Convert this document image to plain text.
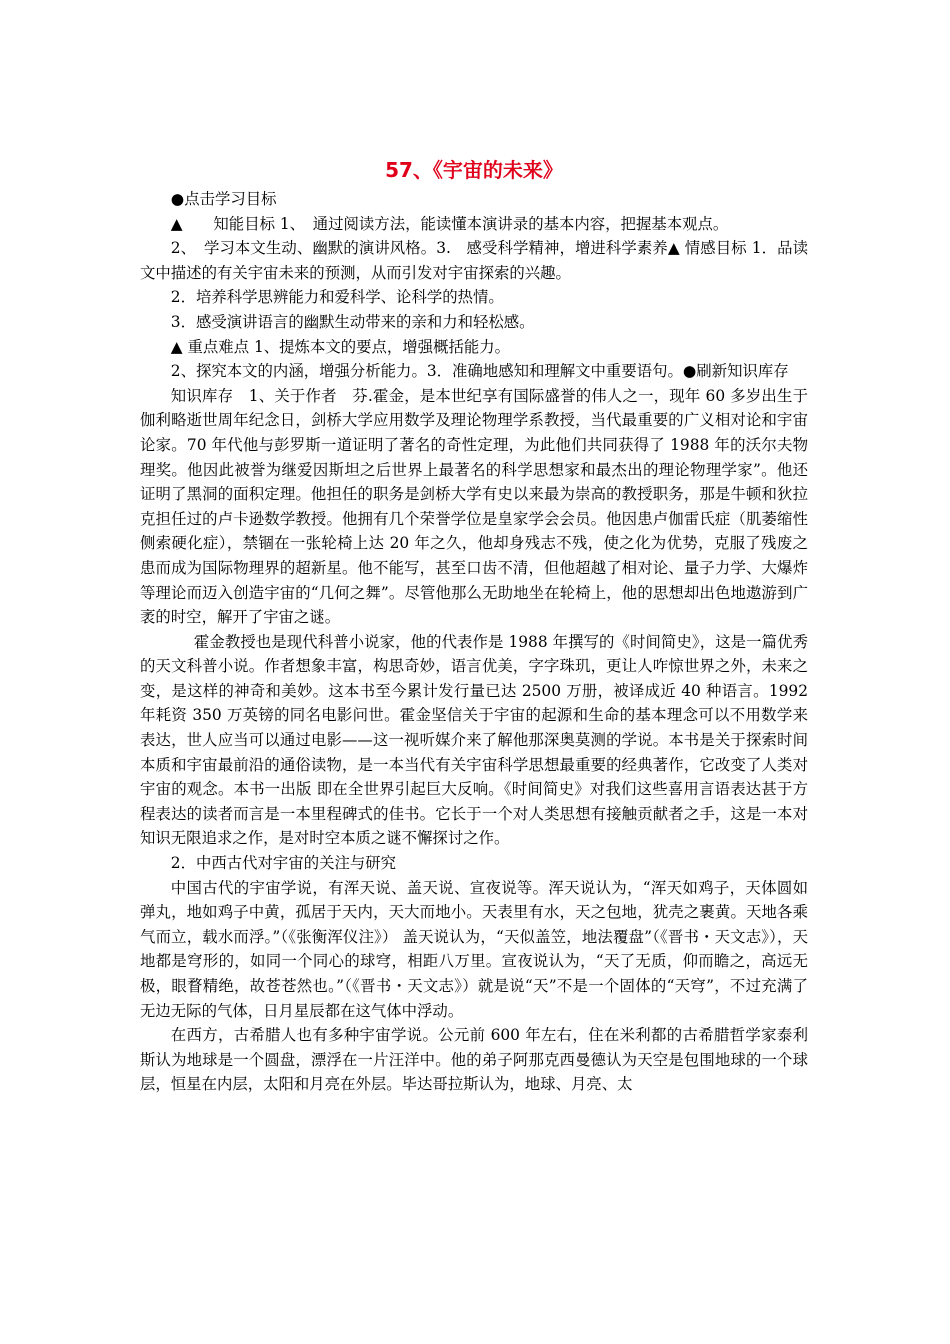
57、《宇宙的未来》

●点击学习目标

▲　　知能目标 1、　通过阅读方法，能读懂本演讲录的基本内容，把握基本观点。

2、　学习本文生动、幽默的演讲风格。3.　感受科学精神，增进科学素养▲ 情感目标 1．品读文中描述的有关宇宙未来的预测，从而引发对宇宙探索的兴趣。

2．培养科学思辨能力和爱科学、论科学的热情。

3．感受演讲语言的幽默生动带来的亲和力和轻松感。

▲ 重点难点 1、提炼本文的要点，增强概括能力。

2、探究本文的内涵，增强分析能力。3．准确地感知和理解文中重要语句。●刷新知识库存

知识库存　1、关于作者　芬.霍金，是本世纪享有国际盛誉的伟人之一，现年 60 多岁出生于伽利略逝世周年纪念日，剑桥大学应用数学及理论物理学系教授，当代最重要的广义相对论和宇宙论家。70 年代他与彭罗斯一道证明了著名的奇性定理，为此他们共同获得了 1988 年的沃尔夫物理奖。他因此被誉为继爱因斯坦之后世界上最著名的科学思想家和最杰出的理论物理学家”。他还证明了黑洞的面积定理。他担任的职务是剑桥大学有史以来最为崇高的教授职务，那是牛顿和狄拉克担任过的卢卡逊数学教授。他拥有几个荣誉学位是皇家学会会员。他因患卢伽雷氏症（肌萎缩性侧索硬化症），禁锢在一张轮椅上达 20 年之久，他却身残志不残，使之化为优势，克服了残废之患而成为国际物理界的超新星。他不能写，甚至口齿不清，但他超越了相对论、量子力学、大爆炸等理论而迈入创造宇宙的“几何之舞”。尽管他那么无助地坐在轮椅上，他的思想却出色地遨游到广袤的时空，解开了宇宙之谜。

霍金教授也是现代科普小说家，他的代表作是 1988 年撰写的《时间简史》，这是一篇优秀的天文科普小说。作者想象丰富，构思奇妙，语言优美，字字珠玑，更让人咋惊世界之外，未来之变，是这样的神奇和美妙。这本书至今累计发行量已达 2500 万册，被译成近 40 种语言。1992 年耗资 350 万英镑的同名电影问世。霍金坚信关于宇宙的起源和生命的基本理念可以不用数学来表达，世人应当可以通过电影——这一视听媒介来了解他那深奥莫测的学说。本书是关于探索时间本质和宇宙最前沿的通俗读物，是一本当代有关宇宙科学思想最重要的经典著作，它改变了人类对宇宙的观念。本书一出版 即在全世界引起巨大反响。《时间简史》对我们这些喜用言语表达甚于方程表达的读者而言是一本里程碑式的佳书。它长于一个对人类思想有接触贡献者之手，这是一本对知识无限追求之作，是对时空本质之谜不懈探讨之作。

2．中西古代对宇宙的关注与研究

中国古代的宇宙学说，有浑天说、盖天说、宣夜说等。浑天说认为，“浑天如鸡子，天体圆如弹丸，地如鸡子中黄，孤居于天内，天大而地小。天表里有水，天之包地，犹壳之裹黄。天地各乘气而立，载水而浮。”（《张衡浑仪注》） 盖天说认为，“天似盖笠，地法覆盘”（《晋书・天文志》），天地都是穹形的，如同一个同心的球穹，相距八万里。宣夜说认为，“天了无质，仰而瞻之，高远无极，眼瞀精绝，故苍苍然也。”（《晋书・天文志》）就是说“天”不是一个固体的“天穹”，不过充满了无边无际的气体，日月星辰都在这气体中浮动。

在西方，古希腊人也有多种宇宙学说。公元前 600 年左右，住在米利都的古希腊哲学家泰利斯认为地球是一个圆盘，漂浮在一片汪洋中。他的弟子阿那克西曼德认为天空是包围地球的一个球层，恒星在内层，太阳和月亮在外层。毕达哥拉斯认为，地球、月亮、太
